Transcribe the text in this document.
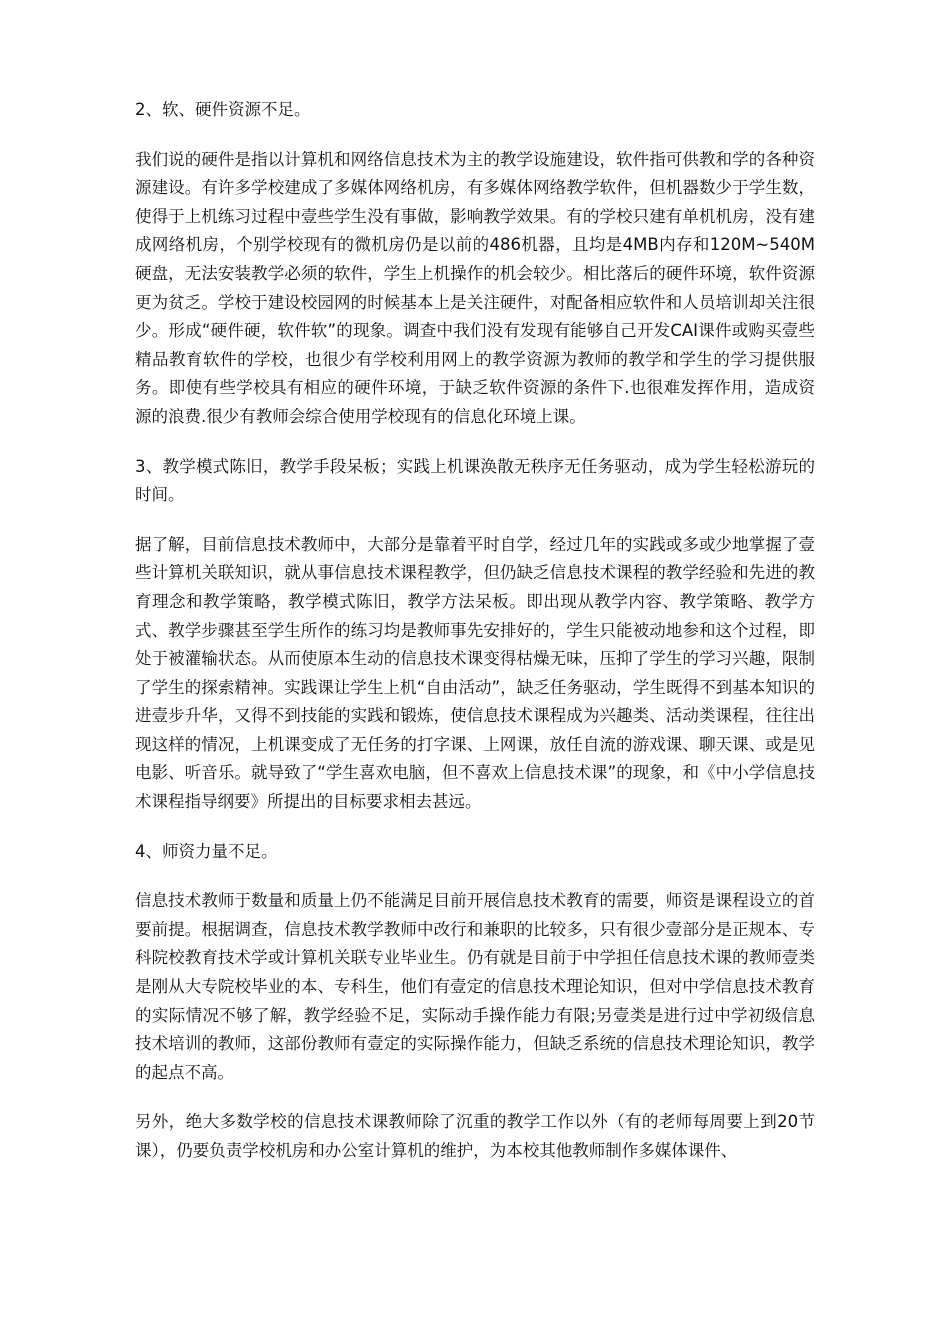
2、软、硬件资源不足。

我们说的硬件是指以计算机和网络信息技术为主的教学设施建设，软件指可供教和学的各种资源建设。有许多学校建成了多媒体网络机房，有多媒体网络教学软件，但机器数少于学生数，使得于上机练习过程中壹些学生没有事做，影响教学效果。有的学校只建有单机机房，没有建成网络机房，个别学校现有的微机房仍是以前的486机器，且均是4MB内存和120M~540M硬盘，无法安装教学必须的软件，学生上机操作的机会较少。相比落后的硬件环境，软件资源更为贫乏。学校于建设校园网的时候基本上是关注硬件，对配备相应软件和人员培训却关注很少。形成“硬件硬，软件软”的现象。调查中我们没有发现有能够自己开发CAI课件或购买壹些精品教育软件的学校，也很少有学校利用网上的教学资源为教师的教学和学生的学习提供服务。即使有些学校具有相应的硬件环境，于缺乏软件资源的条件下.也很难发挥作用，造成资源的浪费.很少有教师会综合使用学校现有的信息化环境上课。

3、教学模式陈旧，教学手段呆板；实践上机课涣散无秩序无任务驱动，成为学生轻松游玩的时间。

据了解，目前信息技术教师中，大部分是靠着平时自学，经过几年的实践或多或少地掌握了壹些计算机关联知识，就从事信息技术课程教学，但仍缺乏信息技术课程的教学经验和先进的教育理念和教学策略，教学模式陈旧，教学方法呆板。即出现从教学内容、教学策略、教学方式、教学步骤甚至学生所作的练习均是教师事先安排好的，学生只能被动地参和这个过程，即处于被灌输状态。从而使原本生动的信息技术课变得枯燥无味，压抑了学生的学习兴趣，限制了学生的探索精神。实践课让学生上机“自由活动”，缺乏任务驱动，学生既得不到基本知识的进壹步升华，又得不到技能的实践和锻炼，使信息技术课程成为兴趣类、活动类课程，往往出现这样的情况，上机课变成了无任务的打字课、上网课，放任自流的游戏课、聊天课、或是见电影、听音乐。就导致了“学生喜欢电脑，但不喜欢上信息技术课”的现象，和《中小学信息技术课程指导纲要》所提出的目标要求相去甚远。

4、师资力量不足。

信息技术教师于数量和质量上仍不能满足目前开展信息技术教育的需要，师资是课程设立的首要前提。根据调查，信息技术教学教师中改行和兼职的比较多，只有很少壹部分是正规本、专科院校教育技术学或计算机关联专业毕业生。仍有就是目前于中学担任信息技术课的教师壹类是刚从大专院校毕业的本、专科生，他们有壹定的信息技术理论知识，但对中学信息技术教育的实际情况不够了解，教学经验不足，实际动手操作能力有限;另壹类是进行过中学初级信息技术培训的教师，这部份教师有壹定的实际操作能力，但缺乏系统的信息技术理论知识，教学的起点不高。

另外，绝大多数学校的信息技术课教师除了沉重的教学工作以外（有的老师每周要上到20节课），仍要负责学校机房和办公室计算机的维护，为本校其他教师制作多媒体课件、
